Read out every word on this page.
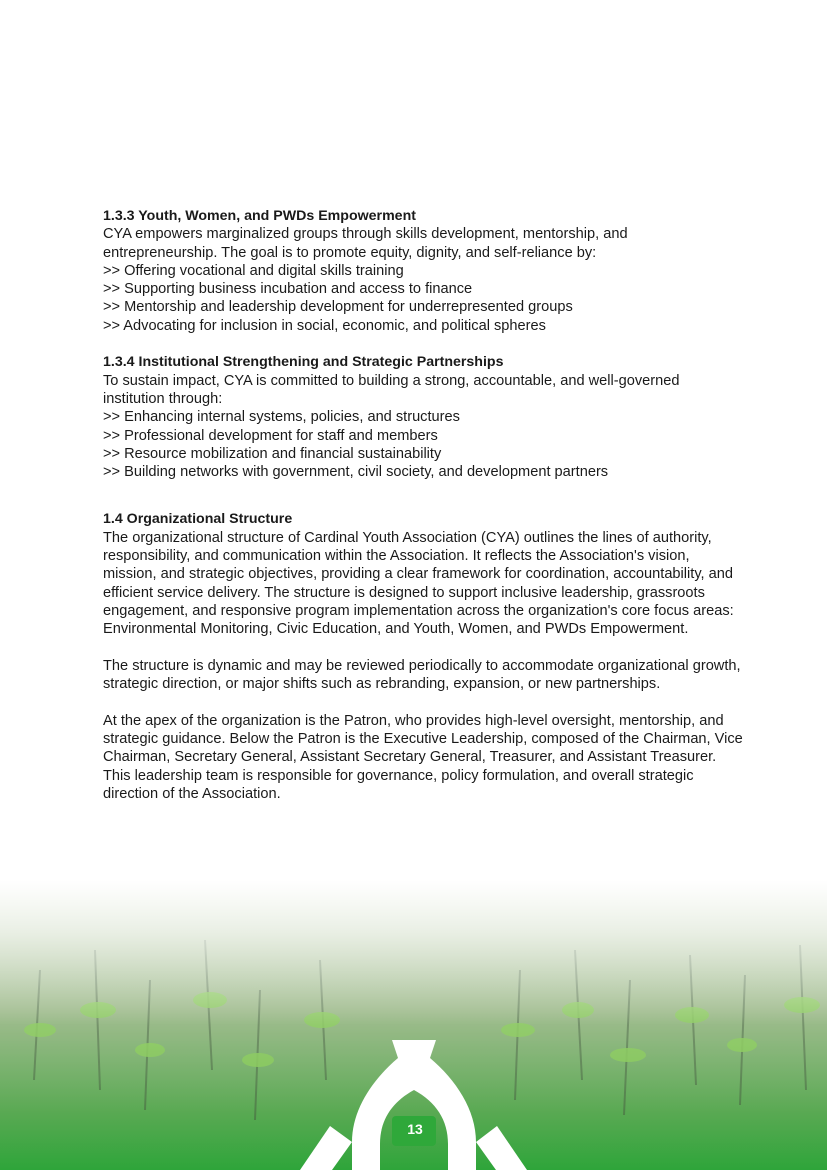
1.3.3 Youth, Women, and PWDs Empowerment

CYA empowers marginalized groups through skills development, mentorship, and entrepreneurship. The goal is to promote equity, dignity, and self-reliance by:

>> Offering vocational and digital skills training
>> Supporting business incubation and access to finance
>> Mentorship and leadership development for underrepresented groups
>> Advocating for inclusion in social, economic, and political spheres
1.3.4 Institutional Strengthening and Strategic Partnerships

To sustain impact, CYA is committed to building a strong, accountable, and well-governed institution through:

>> Enhancing internal systems, policies, and structures
>> Professional development for staff and members
>> Resource mobilization and financial sustainability
>> Building networks with government, civil society, and development partners
1.4 Organizational Structure

The organizational structure of Cardinal Youth Association (CYA) outlines the lines of authority, responsibility, and communication within the Association. It reflects the Association's vision, mission, and strategic objectives, providing a clear framework for coordination, accountability, and efficient service delivery. The structure is designed to support inclusive leadership, grassroots engagement, and responsive program implementation across the organization's core focus areas: Environmental Monitoring, Civic Education, and Youth, Women, and PWDs Empowerment.

The structure is dynamic and may be reviewed periodically to accommodate organizational growth, strategic direction, or major shifts such as rebranding, expansion, or new partnerships.

At the apex of the organization is the Patron, who provides high-level oversight, mentorship, and strategic guidance. Below the Patron is the Executive Leadership, composed of the Chairman, Vice Chairman, Secretary General, Assistant Secretary General, Treasurer, and Assistant Treasurer. This leadership team is responsible for governance, policy formulation, and overall strategic direction of the Association.

13
